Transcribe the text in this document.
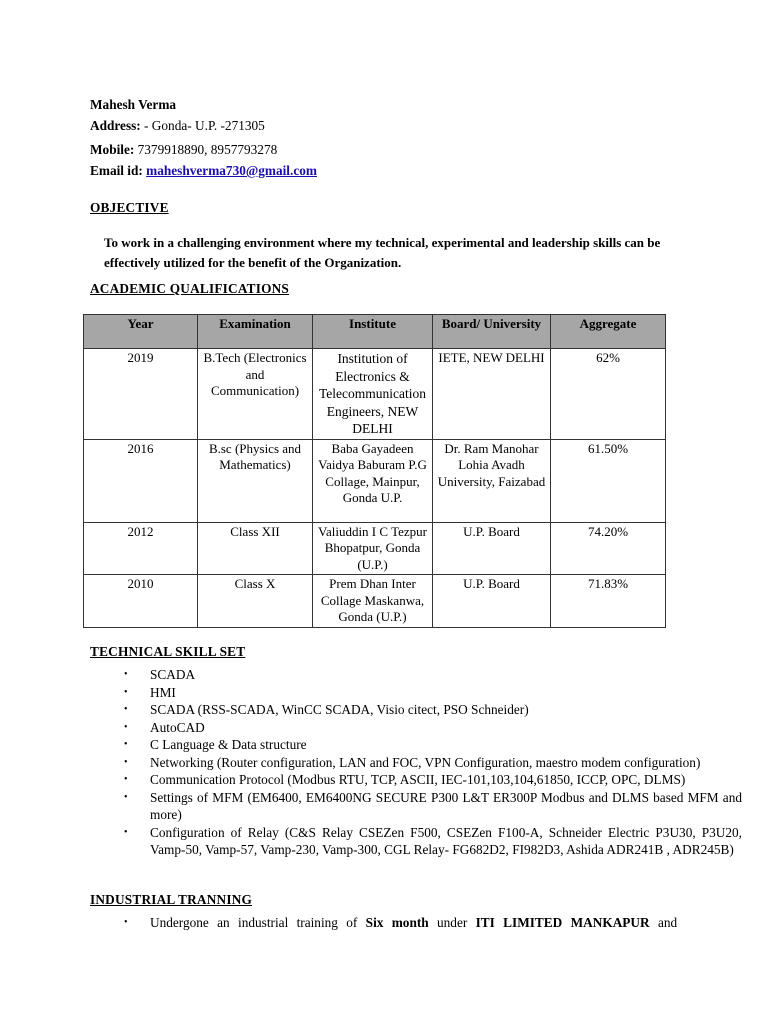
Mahesh Verma
Address: - Gonda- U.P. -271305
Mobile: 7379918890, 8957793278
Email id: maheshverma730@gmail.com
OBJECTIVE
To work in a challenging environment where my technical, experimental and leadership skills can be effectively utilized for the benefit of the Organization.
ACADEMIC QUALIFICATIONS
Year	Examination	Institute	Board/ University	Aggregate
2019	B.Tech (Electronics and Communication)	Institution of Electronics & Telecommunication Engineers, NEW DELHI	IETE, NEW DELHI	62%
2016	B.sc (Physics and Mathematics)	Baba Gayadeen Vaidya Baburam P.G Collage, Mainpur, Gonda U.P.	Dr. Ram Manohar Lohia Avadh University, Faizabad	61.50%
2012	Class XII	Valiuddin I C Tezpur Bhopatpur, Gonda (U.P.)	U.P. Board	74.20%
2010	Class X	Prem Dhan Inter Collage Maskanwa, Gonda (U.P.)	U.P. Board	71.83%
TECHNICAL SKILL SET
• SCADA
• HMI
• SCADA (RSS-SCADA, WinCC SCADA, Visio citect, PSO Schneider)
• AutoCAD
• C Language & Data structure
• Networking (Router configuration, LAN and FOC, VPN Configuration, maestro modem configuration)
• Communication Protocol (Modbus RTU, TCP, ASCII, IEC-101,103,104,61850, ICCP, OPC, DLMS)
• Settings of MFM (EM6400, EM6400NG SECURE P300 L&T ER300P Modbus and DLMS based MFM and more)
• Configuration of Relay (C&S Relay CSEZen F500, CSEZen F100-A, Schneider Electric P3U30, P3U20, Vamp-50, Vamp-57, Vamp-230, Vamp-300, CGL Relay- FG682D2, FI982D3, Ashida ADR241B , ADR245B)
INDUSTRIAL TRANNING
• Undergone an industrial training of Six month under ITI LIMITED MANKAPUR and
